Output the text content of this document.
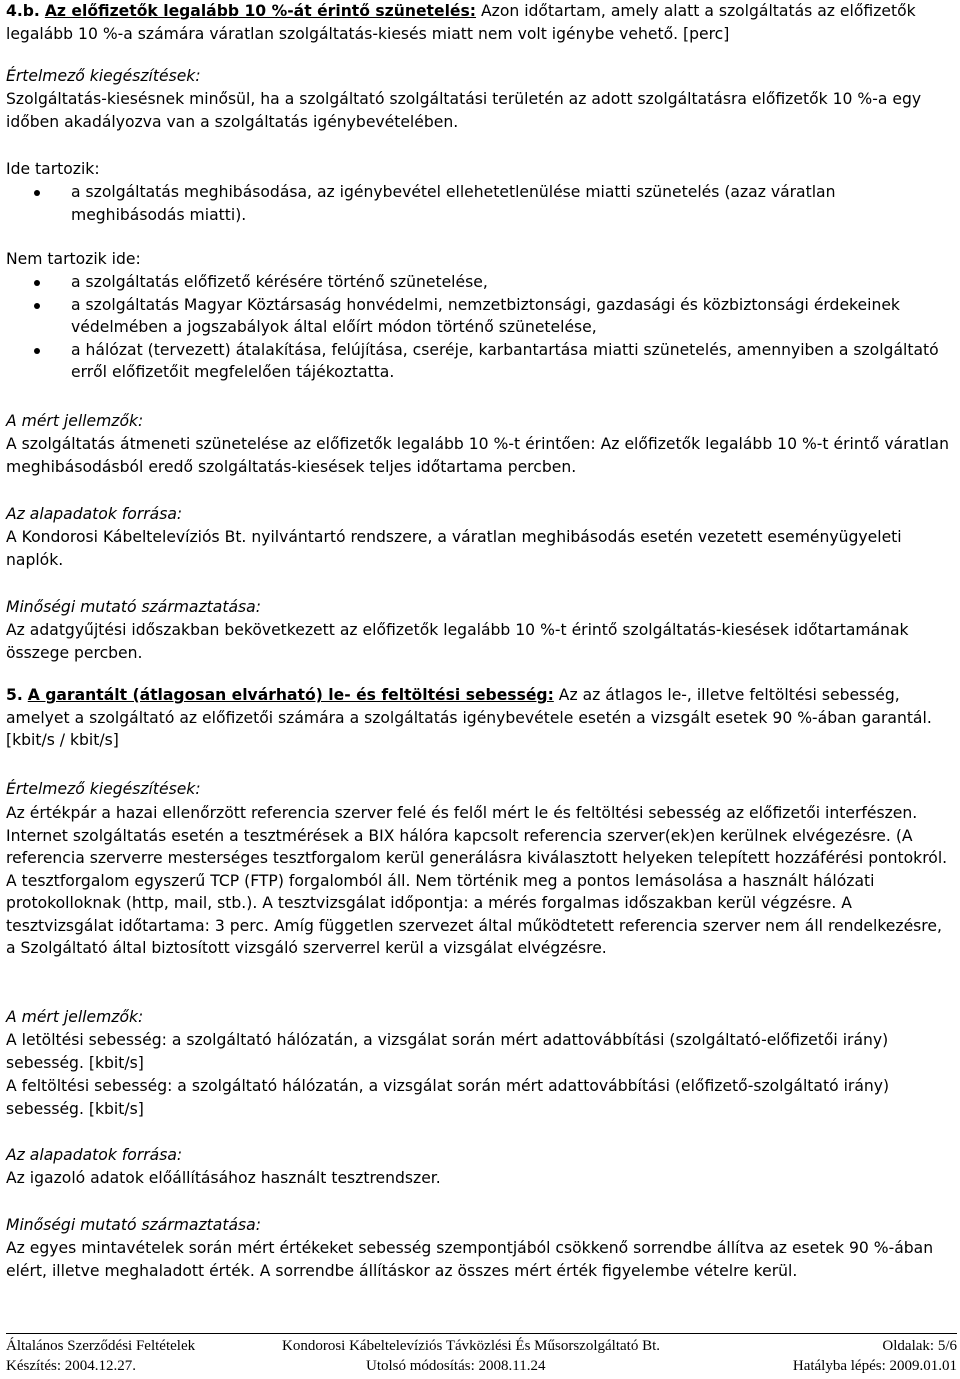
4.b. Az előfizetők legalább 10 %-át érintő szünetelés: Azon időtartam, amely alatt a szolgáltatás az előfizetők legalább 10 %-a számára váratlan szolgáltatás-kiesés miatt nem volt igénybe vehető. [perc]

Értelmező kiegészítések:

Szolgáltatás-kiesésnek minősül, ha a szolgáltató szolgáltatási területén az adott szolgáltatásra előfizetők 10 %-a egy időben akadályozva van a szolgáltatás igénybevételében.

Ide tartozik:

a szolgáltatás meghibásodása, az igénybevétel ellehetetlenülése miatti szünetelés (azaz váratlan meghibásodás miatti).

Nem tartozik ide:

a szolgáltatás előfizető kérésére történő szünetelése,
a szolgáltatás Magyar Köztársaság honvédelmi, nemzetbiztonsági, gazdasági és közbiztonsági érdekeinek védelmében a jogszabályok által előírt módon történő szünetelése,
a hálózat (tervezett) átalakítása, felújítása, cseréje, karbantartása miatti szünetelés, amennyiben a szolgáltató erről előfizetőit megfelelően tájékoztatta.

A mért jellemzők:

A szolgáltatás átmeneti szünetelése az előfizetők legalább 10 %-t érintően: Az előfizetők legalább 10 %-t érintő váratlan meghibásodásból eredő szolgáltatás-kiesések teljes időtartama percben.

Az alapadatok forrása:

A Kondorosi Kábeltelevíziós Bt. nyilvántartó rendszere, a váratlan meghibásodás esetén vezetett eseményügyeleti naplók.

Minőségi mutató származtatása:

Az adatgyűjtési időszakban bekövetkezett az előfizetők legalább 10 %-t érintő szolgáltatás-kiesések időtartamának összege percben.

5. A garantált (átlagosan elvárható) le- és feltöltési sebesség: Az az átlagos le-, illetve feltöltési sebesség, amelyet a szolgáltató az előfizetői számára a szolgáltatás igénybevétele esetén a vizsgált esetek 90 %-ában garantál. [kbit/s / kbit/s]

Értelmező kiegészítések:

Az értékpár a hazai ellenőrzött referencia szerver felé és felől mért le és feltöltési sebesség az előfizetői interfészen. Internet szolgáltatás esetén a tesztmérések a BIX hálóra kapcsolt referencia szerver(ek)en kerülnek elvégezésre. (A referencia szerverre mesterséges tesztforgalom kerül generálásra kiválasztott helyeken telepített hozzáférési pontokról. A tesztforgalom egyszerű TCP (FTP) forgalomból áll. Nem történik meg a pontos lemásolása a használt hálózati protokolloknak (http, mail, stb.). A tesztvizsgálat időpontja: a mérés forgalmas időszakban kerül végzésre. A tesztvizsgálat időtartama: 3 perc. Amíg független szervezet által működtetett referencia szerver nem áll rendelkezésre, a Szolgáltató által biztosított vizsgáló szerverrel kerül a vizsgálat elvégzésre.

A mért jellemzők:

A letöltési sebesség: a szolgáltató hálózatán, a vizsgálat során mért adattovábbítási (szolgáltató-előfizetői irány) sebesség. [kbit/s]

A feltöltési sebesség: a szolgáltató hálózatán, a vizsgálat során mért adattovábbítási (előfizető-szolgáltató irány) sebesség. [kbit/s]

Az alapadatok forrása:

Az igazoló adatok előállításához használt tesztrendszer.

Minőségi mutató származtatása:

Az egyes mintavételek során mért értékeket sebesség szempontjából csökkenő sorrendbe állítva az esetek 90 %-ában elért, illetve meghaladott érték. A sorrendbe állításkor az összes mért érték figyelembe vételre kerül.

Általános Szerződési Feltételek	Kondorosi Kábeltelevíziós Távközlési És Műsorszolgáltató Bt.	Oldalak: 5/6
Készítés: 2004.12.27.	Utolsó módosítás: 2008.11.24	Hatályba lépés: 2009.01.01
